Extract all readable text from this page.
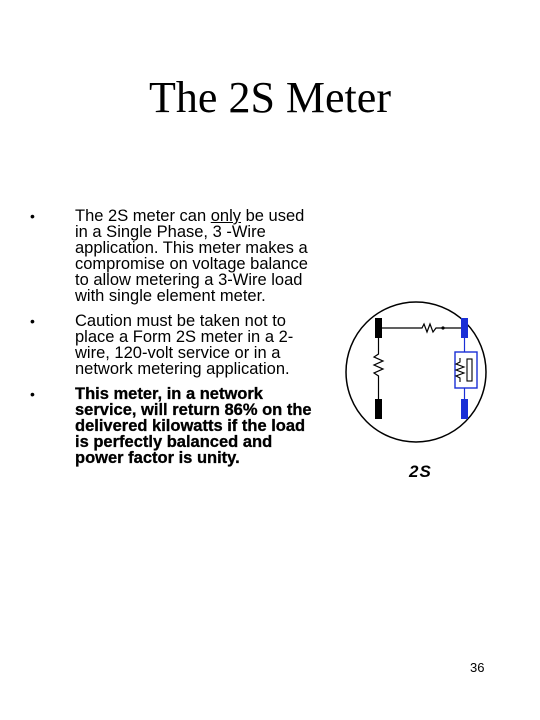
The 2S Meter
• The 2S meter can only be used in a Single Phase, 3 -Wire application. This meter makes a compromise on voltage balance to allow metering a 3-Wire load with single element meter.
• Caution must be taken not to place a Form 2S meter in a 2-wire, 120-volt service or in a network metering application.
• This meter, in a network service, will return 86% on the delivered kilowatts if the load is perfectly balanced and power factor is unity.
2S
36
